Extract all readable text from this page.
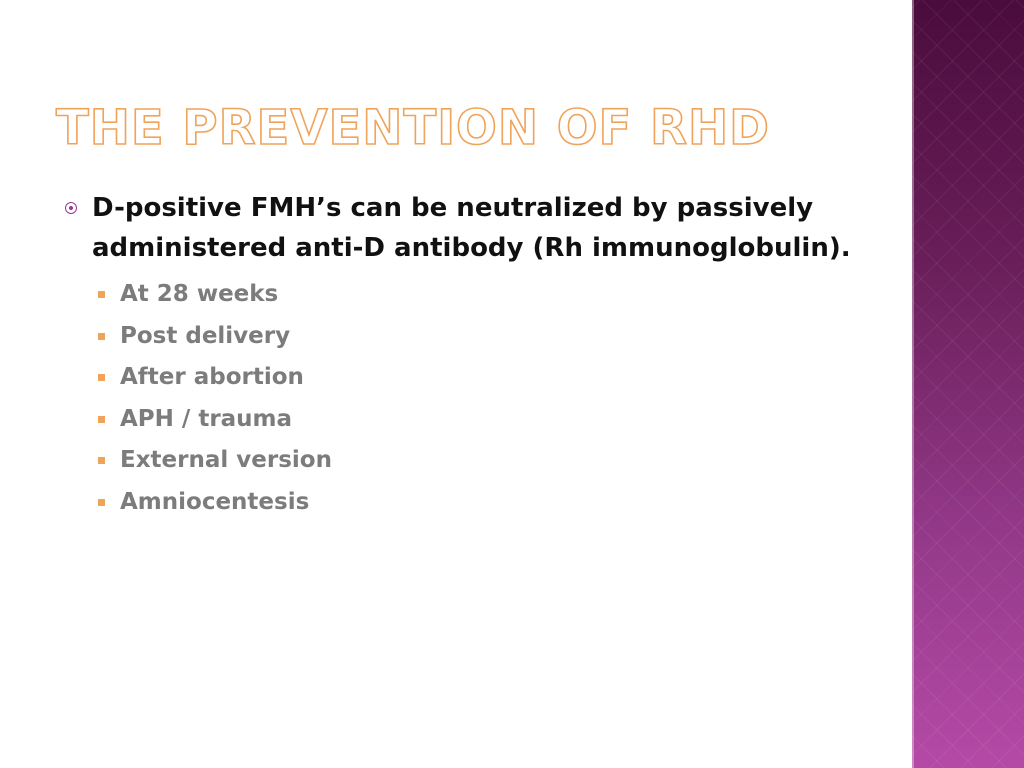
THE PREVENTION OF RHD

D-positive FMH’s can be neutralized by passively administered anti-D antibody (Rh immunoglobulin).

At 28 weeks
Post delivery
After abortion
APH / trauma
External version
Amniocentesis
